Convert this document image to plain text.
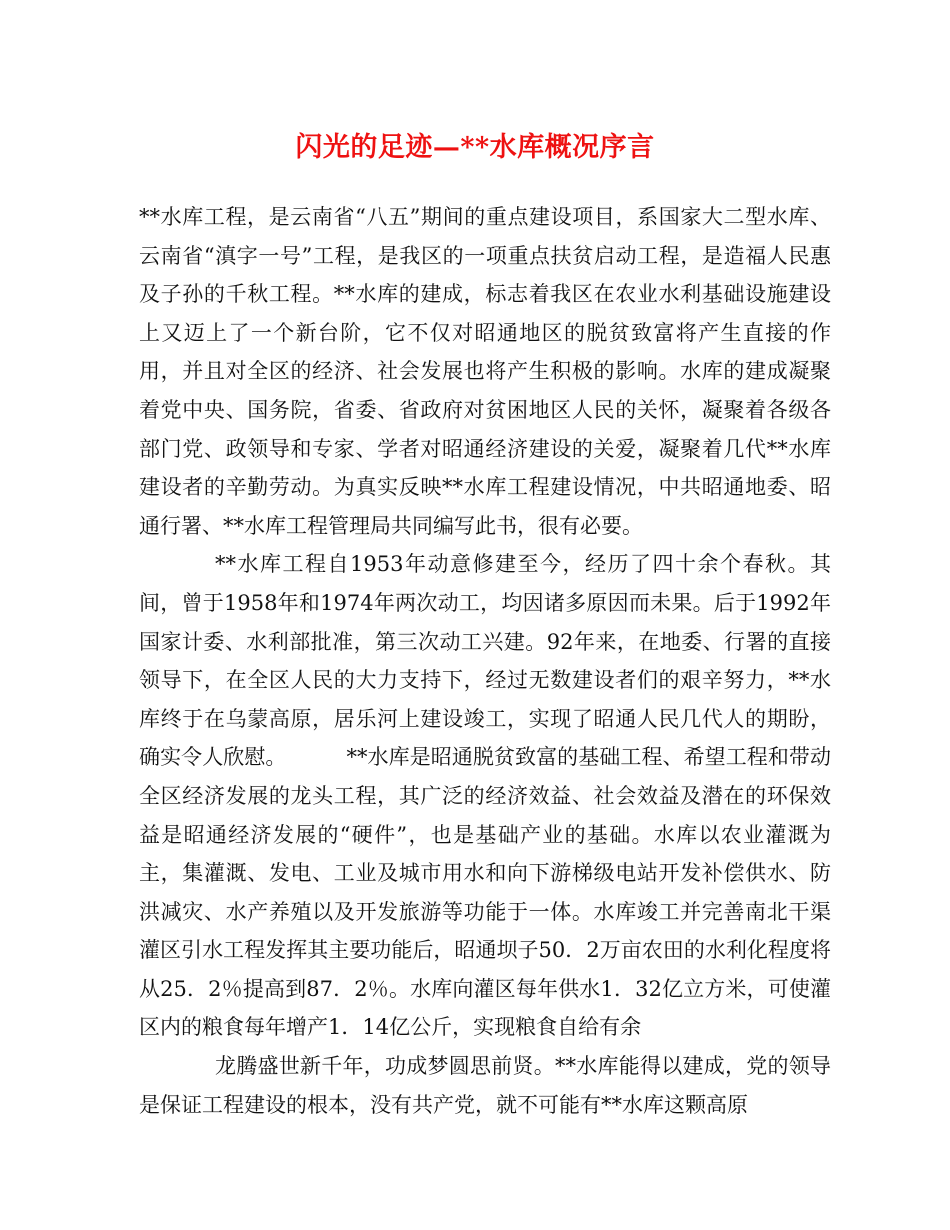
闪光的足迹—**水库概况序言

**水库工程，是云南省“八五”期间的重点建设项目，系国家大二型水库、云南省“滇字一号”工程，是我区的一项重点扶贫启动工程，是造福人民惠及子孙的千秋工程。**水库的建成，标志着我区在农业水利基础设施建设上又迈上了一个新台阶，它不仅对昭通地区的脱贫致富将产生直接的作用，并且对全区的经济、社会发展也将产生积极的影响。水库的建成凝聚着党中央、国务院，省委、省政府对贫困地区人民的关怀，凝聚着各级各部门党、政领导和专家、学者对昭通经济建设的关爱，凝聚着几代**水库建设者的辛勤劳动。为真实反映**水库工程建设情况，中共昭通地委、昭通行署、**水库工程管理局共同编写此书，很有必要。

**水库工程自1953年动意修建至今，经历了四十余个春秋。其间，曾于1958年和1974年两次动工，均因诸多原因而未果。后于1992年国家计委、水利部批准，第三次动工兴建。92年来，在地委、行署的直接领导下，在全区人民的大力支持下，经过无数建设者们的艰辛努力，**水库终于在乌蒙高原，居乐河上建设竣工，实现了昭通人民几代人的期盼，确实令人欣慰。	**水库是昭通脱贫致富的基础工程、希望工程和带动全区经济发展的龙头工程，其广泛的经济效益、社会效益及潜在的环保效益是昭通经济发展的“硬件”，也是基础产业的基础。水库以农业灌溉为主，集灌溉、发电、工业及城市用水和向下游梯级电站开发补偿供水、防洪减灾、水产养殖以及开发旅游等功能于一体。水库竣工并完善南北干渠灌区引水工程发挥其主要功能后，昭通坝子50．2万亩农田的水利化程度将从25．2％提高到87．2％。水库向灌区每年供水1．32亿立方米，可使灌区内的粮食每年增产1．14亿公斤，实现粮食自给有余

龙腾盛世新千年，功成梦圆思前贤。**水库能得以建成，党的领导是保证工程建设的根本，没有共产党，就不可能有**水库这颗高原
